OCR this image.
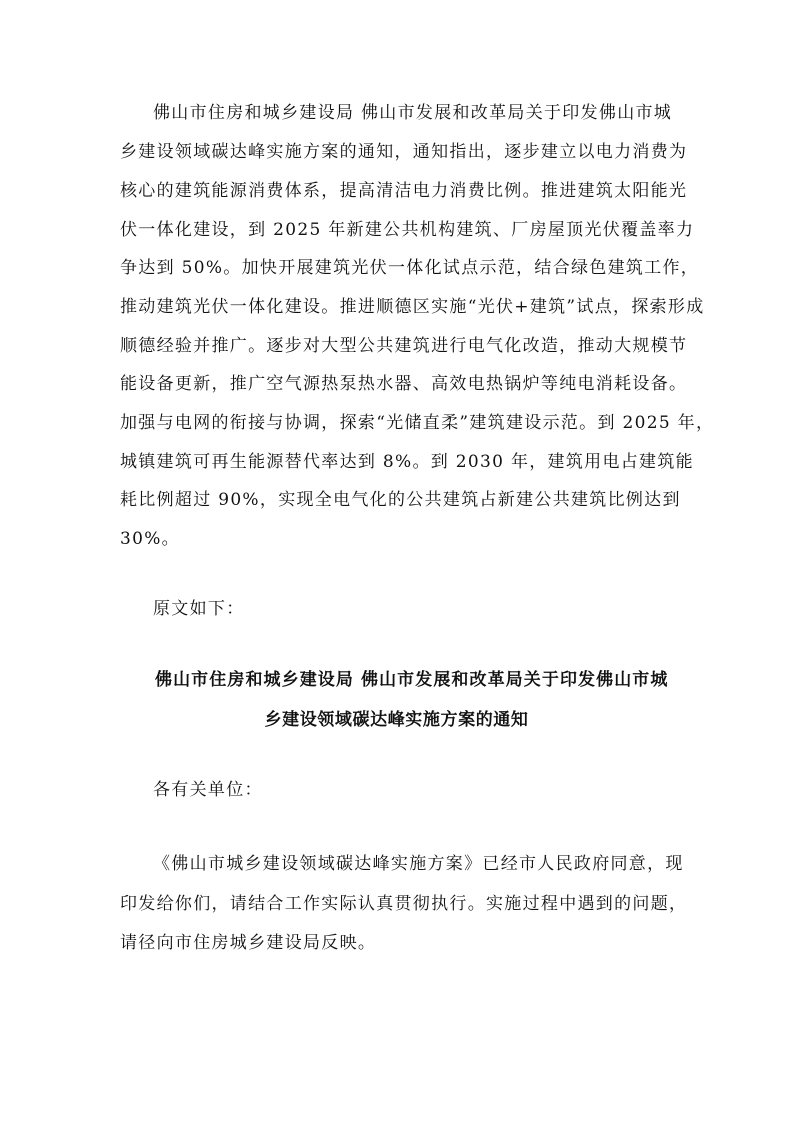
佛山市住房和城乡建设局 佛山市发展和改革局关于印发佛山市城
乡建设领域碳达峰实施方案的通知，通知指出，逐步建立以电力消费为
核心的建筑能源消费体系，提高清洁电力消费比例。推进建筑太阳能光
伏一体化建设，到 2025 年新建公共机构建筑、厂房屋顶光伏覆盖率力
争达到 50%。加快开展建筑光伏一体化试点示范，结合绿色建筑工作，
推动建筑光伏一体化建设。推进顺德区实施“光伏+建筑”试点，探索形成
顺德经验并推广。逐步对大型公共建筑进行电气化改造，推动大规模节
能设备更新，推广空气源热泵热水器、高效电热锅炉等纯电消耗设备。
加强与电网的衔接与协调，探索“光储直柔”建筑建设示范。到 2025 年，
城镇建筑可再生能源替代率达到 8%。到 2030 年，建筑用电占建筑能
耗比例超过 90%，实现全电气化的公共建筑占新建公共建筑比例达到
30%。
原文如下：
佛山市住房和城乡建设局 佛山市发展和改革局关于印发佛山市城
乡建设领域碳达峰实施方案的通知
各有关单位：
《佛山市城乡建设领域碳达峰实施方案》已经市人民政府同意，现
印发给你们，请结合工作实际认真贯彻执行。实施过程中遇到的问题，
请径向市住房城乡建设局反映。
